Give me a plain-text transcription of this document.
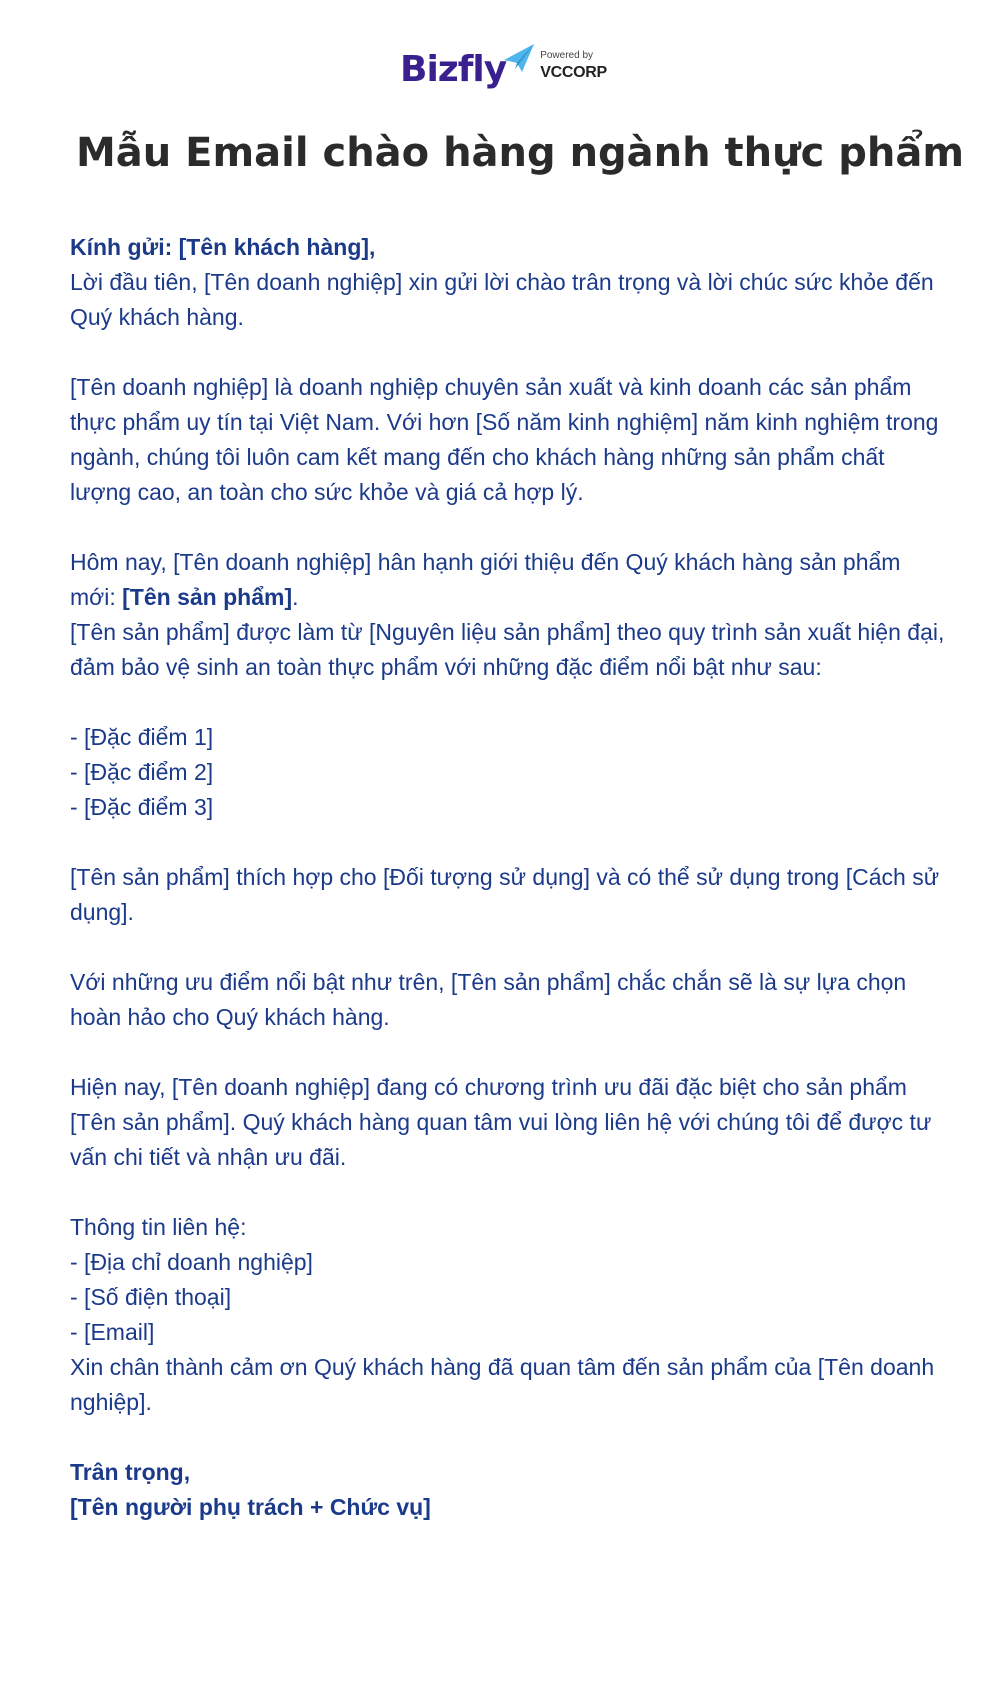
Bizfly	Powered by
VCCORP
Mẫu Email chào hàng ngành thực phẩm

Kính gửi: [Tên khách hàng],

Lời đầu tiên, [Tên doanh nghiệp] xin gửi lời chào trân trọng và lời chúc sức khỏe đến Quý khách hàng.

[Tên doanh nghiệp] là doanh nghiệp chuyên sản xuất và kinh doanh các sản phẩm thực phẩm uy tín tại Việt Nam. Với hơn [Số năm kinh nghiệm] năm kinh nghiệm trong ngành, chúng tôi luôn cam kết mang đến cho khách hàng những sản phẩm chất lượng cao, an toàn cho sức khỏe và giá cả hợp lý.

Hôm nay, [Tên doanh nghiệp] hân hạnh giới thiệu đến Quý khách hàng sản phẩm mới: [Tên sản phẩm].

[Tên sản phẩm] được làm từ [Nguyên liệu sản phẩm] theo quy trình sản xuất hiện đại, đảm bảo vệ sinh an toàn thực phẩm với những đặc điểm nổi bật như sau:

- [Đặc điểm 1]

- [Đặc điểm 2]

- [Đặc điểm 3]

[Tên sản phẩm] thích hợp cho [Đối tượng sử dụng] và có thể sử dụng trong [Cách sử dụng].

Với những ưu điểm nổi bật như trên, [Tên sản phẩm] chắc chắn sẽ là sự lựa chọn hoàn hảo cho Quý khách hàng.

Hiện nay, [Tên doanh nghiệp] đang có chương trình ưu đãi đặc biệt cho sản phẩm [Tên sản phẩm]. Quý khách hàng quan tâm vui lòng liên hệ với chúng tôi để được tư vấn chi tiết và nhận ưu đãi.

Thông tin liên hệ:

- [Địa chỉ doanh nghiệp]

- [Số điện thoại]

- [Email]

Xin chân thành cảm ơn Quý khách hàng đã quan tâm đến sản phẩm của [Tên doanh nghiệp].

Trân trọng,

[Tên người phụ trách + Chức vụ]
